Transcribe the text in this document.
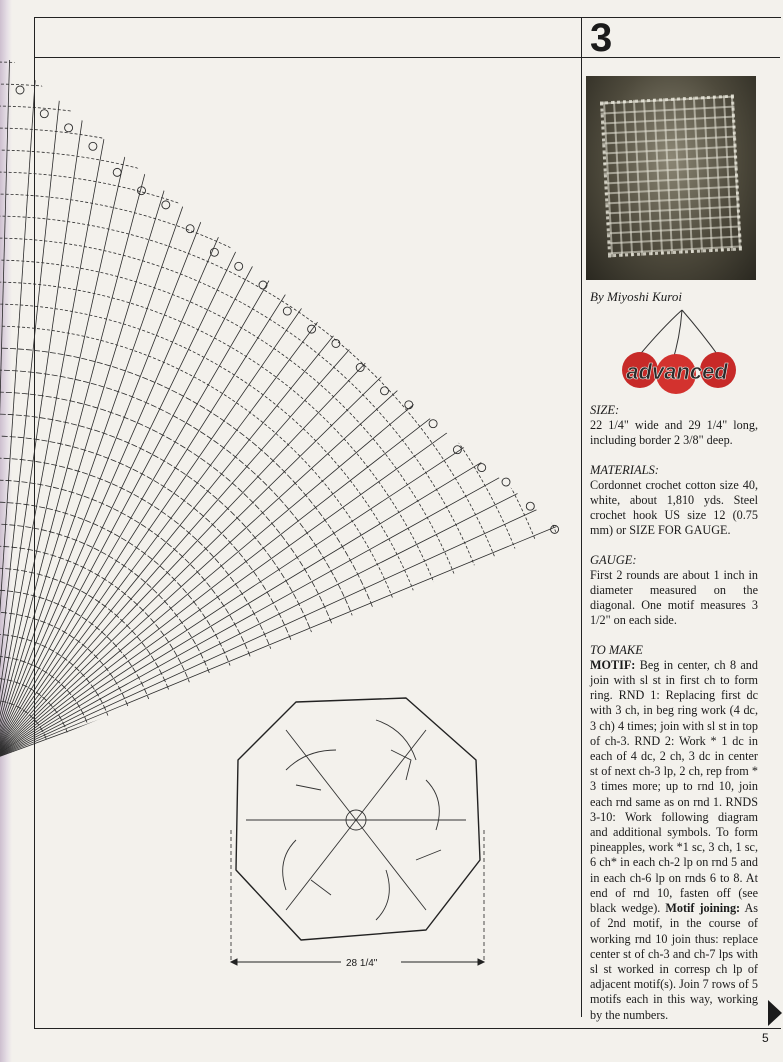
3
28 1/4"
By Miyoshi Kuroi
advanced
SIZE:

22 1/4" wide and 29 1/4" long, including border 2 3/8" deep.

MATERIALS:

Cordonnet crochet cotton size 40, white, about 1,810 yds. Steel crochet hook US size 12 (0.75 mm) or SIZE FOR GAUGE.

GAUGE:

First 2 rounds are about 1 inch in diameter measured on the diagonal. One motif measures 3 1/2" on each side.

TO MAKE

MOTIF: Beg in center, ch 8 and join with sl st in first ch to form ring. RND 1: Replacing first dc with 3 ch, in beg ring work (4 dc, 3 ch) 4 times; join with sl st in top of ch-3. RND 2: Work * 1 dc in each of 4 dc, 2 ch, 3 dc in center st of next ch-3 lp, 2 ch, rep from * 3 times more; up to rnd 10, join each rnd same as on rnd 1. RNDS 3-10: Work following diagram and additional symbols. To form pineapples, work *1 sc, 3 ch, 1 sc, 6 ch* in each ch-2 lp on rnd 5 and in each ch-6 lp on rnds 6 to 8. At end of rnd 10, fasten off (see black wedge). Motif joining: As of 2nd motif, in the course of working rnd 10 join thus: replace center st of ch-3 and ch-7 lps with sl st worked in corresp ch lp of adjacent motif(s). Join 7 rows of 5 motifs each in this way, working by the numbers.

5
